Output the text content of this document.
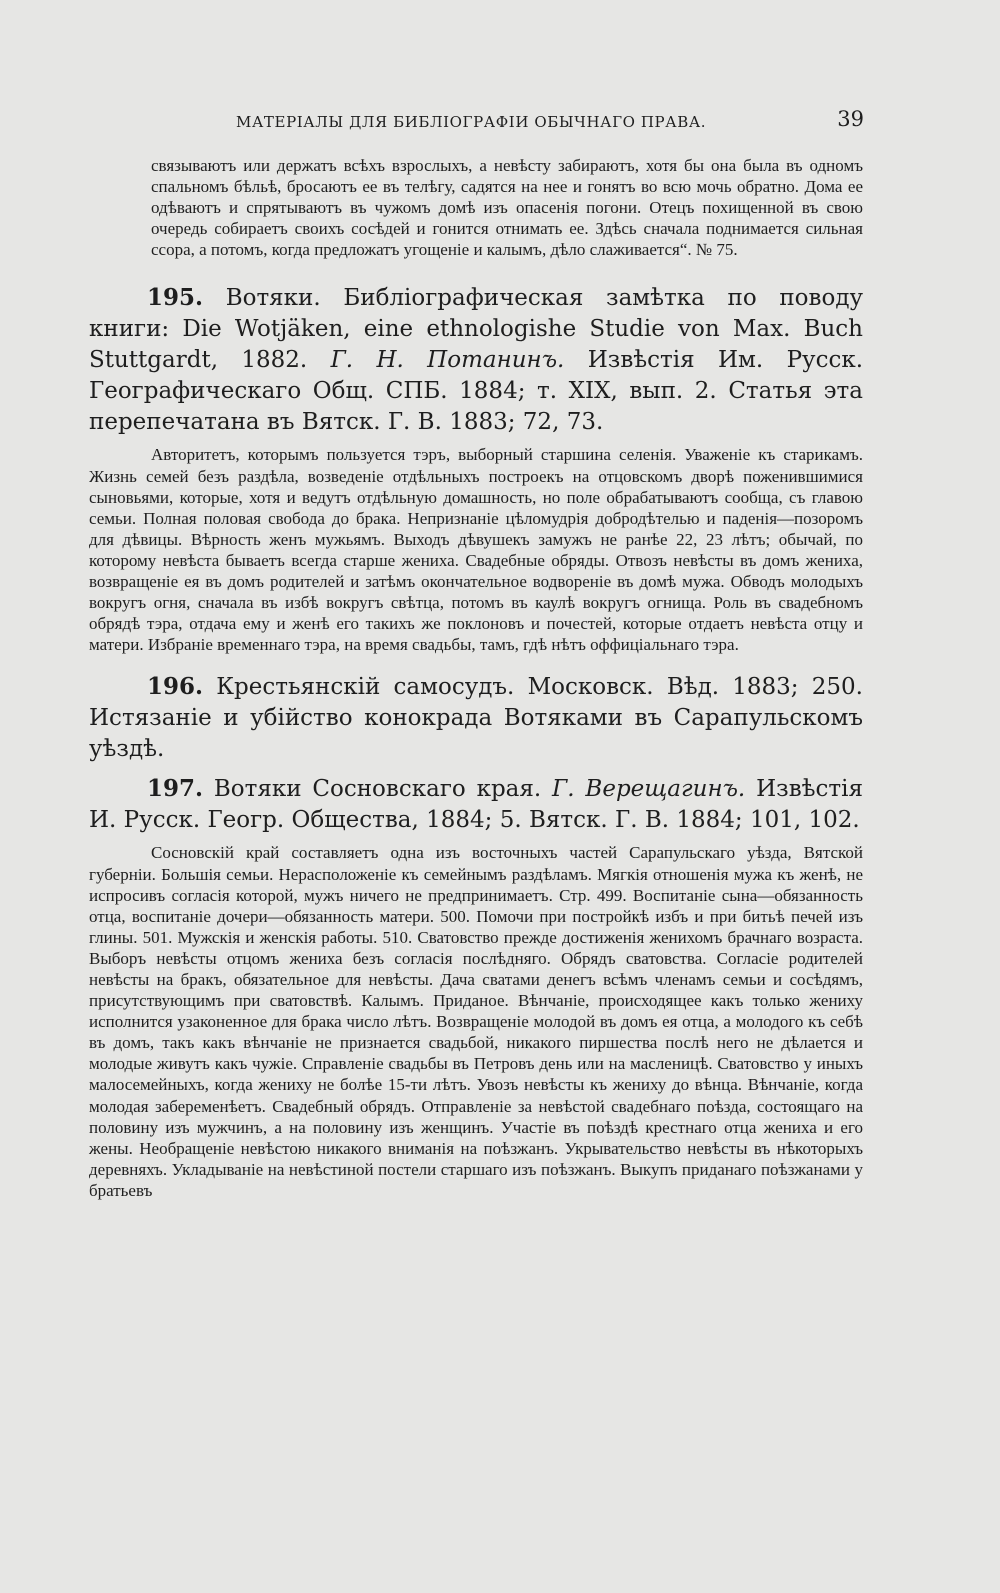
МАТЕРІАЛЫ ДЛЯ БИБЛІОГРАФІИ ОБЫЧНАГО ПРАВА.	39

связываютъ или держатъ всѣхъ взрослыхъ, а невѣсту забираютъ, хотя бы она была въ одномъ спальномъ бѣльѣ, бросаютъ ее въ телѣгу, садятся на нее и гонятъ во всю мочь обратно. Дома ее одѣваютъ и спрятываютъ въ чужомъ домѣ изъ опасенія погони. Отецъ похищенной въ свою очередь собираетъ своихъ сосѣдей и гонится отнимать ее. Здѣсь сначала поднимается сильная ссора, а потомъ, когда предложатъ угощеніе и калымъ, дѣло слаживается“. № 75.

195. Вотяки. Библіографическая замѣтка по поводу книги: Die Wotjäken, eine ethnologishe Studie von Max. Buch Stuttgardt, 1882. Г. Н. Потанинъ. Извѣстія Им. Русск. Географическаго Общ. СПБ. 1884; т. XIX, вып. 2. Статья эта перепечатана въ Вятск. Г. В. 1883; 72, 73.

Авторитетъ, которымъ пользуется тэръ, выборный старшина селенія. Уваженіе къ старикамъ. Жизнь семей безъ раздѣла, возведеніе отдѣльныхъ построекъ на отцовскомъ дворѣ поженившимися сыновьями, которые, хотя и ведутъ отдѣльную домашность, но поле обрабатываютъ сообща, съ главою семьи. Полная половая свобода до брака. Непризнаніе цѣломудрія добродѣтелью и паденія—позоромъ для дѣвицы. Вѣрность женъ мужьямъ. Выходъ дѣвушекъ замужъ не ранѣе 22, 23 лѣтъ; обычай, по которому невѣста бываетъ всегда старше жениха. Свадебные обряды. Отвозъ невѣсты въ домъ жениха, возвращеніе ея въ домъ родителей и затѣмъ окончательное водвореніе въ домѣ мужа. Обводъ молодыхъ вокругъ огня, сначала въ избѣ вокругъ свѣтца, потомъ въ каулѣ вокругъ огнища. Роль въ свадебномъ обрядѣ тэра, отдача ему и женѣ его такихъ же поклоновъ и почестей, которые отдаетъ невѣста отцу и матери. Избраніе временнаго тэра, на время свадьбы, тамъ, гдѣ нѣтъ оффиціальнаго тэра.

196. Крестьянскій самосудъ. Московск. Вѣд. 1883; 250. Истязаніе и убійство конокрада Вотяками въ Сарапульскомъ уѣздѣ.

197. Вотяки Сосновскаго края. Г. Верещагинъ. Извѣстія И. Русск. Геогр. Общества, 1884; 5. Вятск. Г. В. 1884; 101, 102.

Сосновскій край составляетъ одна изъ восточныхъ частей Сарапульскаго уѣзда, Вятской губерніи. Большія семьи. Нерасположеніе къ семейнымъ раздѣламъ. Мягкія отношенія мужа къ женѣ, не испросивъ согласія которой, мужъ ничего не предпринимаетъ. Стр. 499. Воспитаніе сына—обязанность отца, воспитаніе дочери—обязанность матери. 500. Помочи при постройкѣ избъ и при битьѣ печей изъ глины. 501. Мужскія и женскія работы. 510. Сватовство прежде достиженія женихомъ брачнаго возраста. Выборъ невѣсты отцомъ жениха безъ согласія послѣдняго. Обрядъ сватовства. Согласіе родителей невѣсты на бракъ, обязательное для невѣсты. Дача сватами денегъ всѣмъ членамъ семьи и сосѣдямъ, присутствующимъ при сватовствѣ. Калымъ. Приданое. Вѣнчаніе, происходящее какъ только жениху исполнится узаконенное для брака число лѣтъ. Возвращеніе молодой въ домъ ея отца, а молодого къ себѣ въ домъ, такъ какъ вѣнчаніе не признается свадьбой, никакого пиршества послѣ него не дѣлается и молодые живутъ какъ чужіе. Справленіе свадьбы въ Петровъ день или на масленицѣ. Сватовство у иныхъ малосемейныхъ, когда жениху не болѣе 15-ти лѣтъ. Увозъ невѣсты къ жениху до вѣнца. Вѣнчаніе, когда молодая забеременѣетъ. Свадебный обрядъ. Отправленіе за невѣстой свадебнаго поѣзда, состоящаго на половину изъ мужчинъ, а на половину изъ женщинъ. Участіе въ поѣздѣ крестнаго отца жениха и его жены. Необращеніе невѣстою никакого вниманія на поѣзжанъ. Укрывательство невѣсты въ нѣкоторыхъ деревняхъ. Укладываніе на невѣстиной постели старшаго изъ поѣзжанъ. Выкупъ приданаго поѣзжанами у братьевъ
